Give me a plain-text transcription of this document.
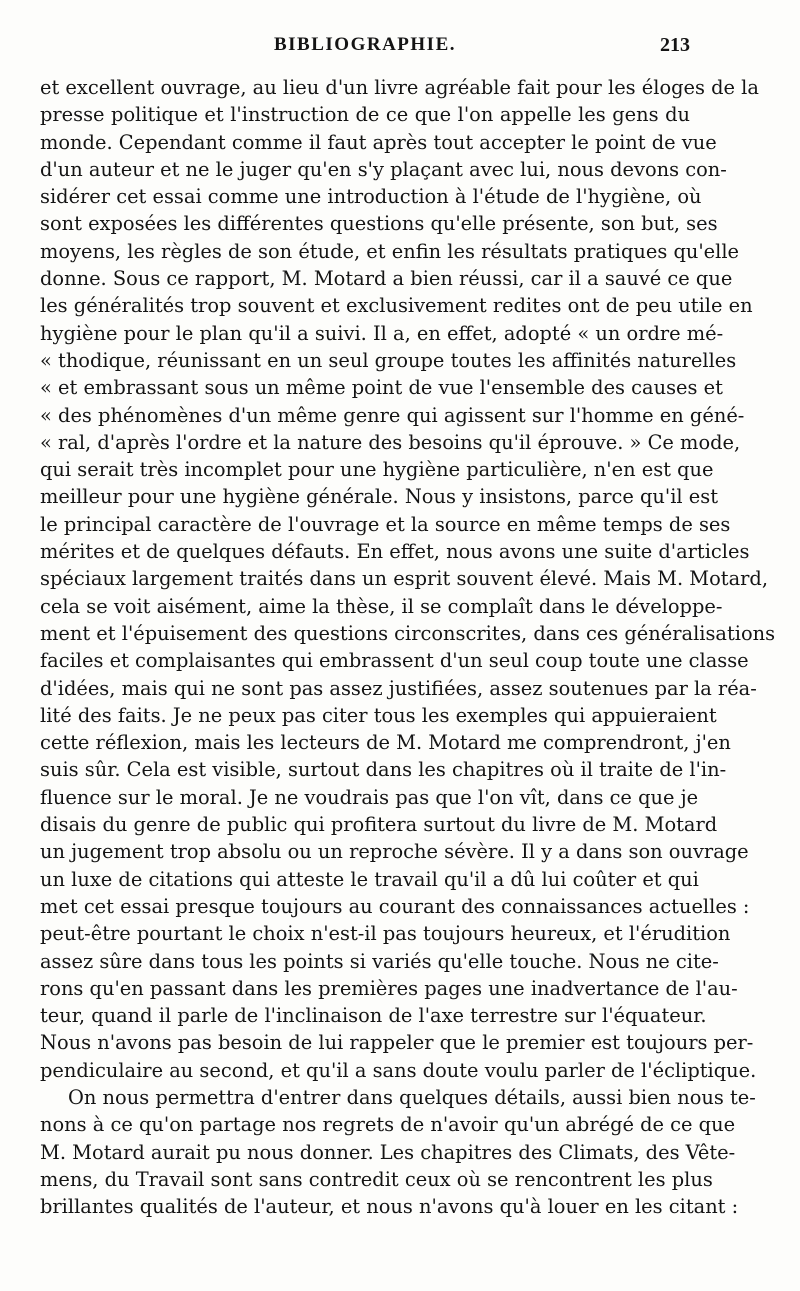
BIBLIOGRAPHIE.	213
et excellent ouvrage, au lieu d'un livre agréable fait pour les éloges de la
presse politique et l'instruction de ce que l'on appelle les gens du
monde. Cependant comme il faut après tout accepter le point de vue
d'un auteur et ne le juger qu'en s'y plaçant avec lui, nous devons con-
sidérer cet essai comme une introduction à l'étude de l'hygiène, où
sont exposées les différentes questions qu'elle présente, son but, ses
moyens, les règles de son étude, et enfin les résultats pratiques qu'elle
donne. Sous ce rapport, M. Motard a bien réussi, car il a sauvé ce que
les généralités trop souvent et exclusivement redites ont de peu utile en
hygiène pour le plan qu'il a suivi. Il a, en effet, adopté « un ordre mé-
« thodique, réunissant en un seul groupe toutes les affinités naturelles
« et embrassant sous un même point de vue l'ensemble des causes et
« des phénomènes d'un même genre qui agissent sur l'homme en géné-
« ral, d'après l'ordre et la nature des besoins qu'il éprouve. » Ce mode,
qui serait très incomplet pour une hygiène particulière, n'en est que
meilleur pour une hygiène générale. Nous y insistons, parce qu'il est
le principal caractère de l'ouvrage et la source en même temps de ses
mérites et de quelques défauts. En effet, nous avons une suite d'articles
spéciaux largement traités dans un esprit souvent élevé. Mais M. Motard,
cela se voit aisément, aime la thèse, il se complaît dans le développe-
ment et l'épuisement des questions circonscrites, dans ces généralisations
faciles et complaisantes qui embrassent d'un seul coup toute une classe
d'idées, mais qui ne sont pas assez justifiées, assez soutenues par la réa-
lité des faits. Je ne peux pas citer tous les exemples qui appuieraient
cette réflexion, mais les lecteurs de M. Motard me comprendront, j'en
suis sûr. Cela est visible, surtout dans les chapitres où il traite de l'in-
fluence sur le moral. Je ne voudrais pas que l'on vît, dans ce que je
disais du genre de public qui profitera surtout du livre de M. Motard
un jugement trop absolu ou un reproche sévère. Il y a dans son ouvrage
un luxe de citations qui atteste le travail qu'il a dû lui coûter et qui
met cet essai presque toujours au courant des connaissances actuelles :
peut-être pourtant le choix n'est-il pas toujours heureux, et l'érudition
assez sûre dans tous les points si variés qu'elle touche. Nous ne cite-
rons qu'en passant dans les premières pages une inadvertance de l'au-
teur, quand il parle de l'inclinaison de l'axe terrestre sur l'équateur.
Nous n'avons pas besoin de lui rappeler que le premier est toujours per-
pendiculaire au second, et qu'il a sans doute voulu parler de l'écliptique.
On nous permettra d'entrer dans quelques détails, aussi bien nous te-
nons à ce qu'on partage nos regrets de n'avoir qu'un abrégé de ce que
M. Motard aurait pu nous donner. Les chapitres des Climats, des Vête-
mens, du Travail sont sans contredit ceux où se rencontrent les plus
brillantes qualités de l'auteur, et nous n'avons qu'à louer en les citant :
